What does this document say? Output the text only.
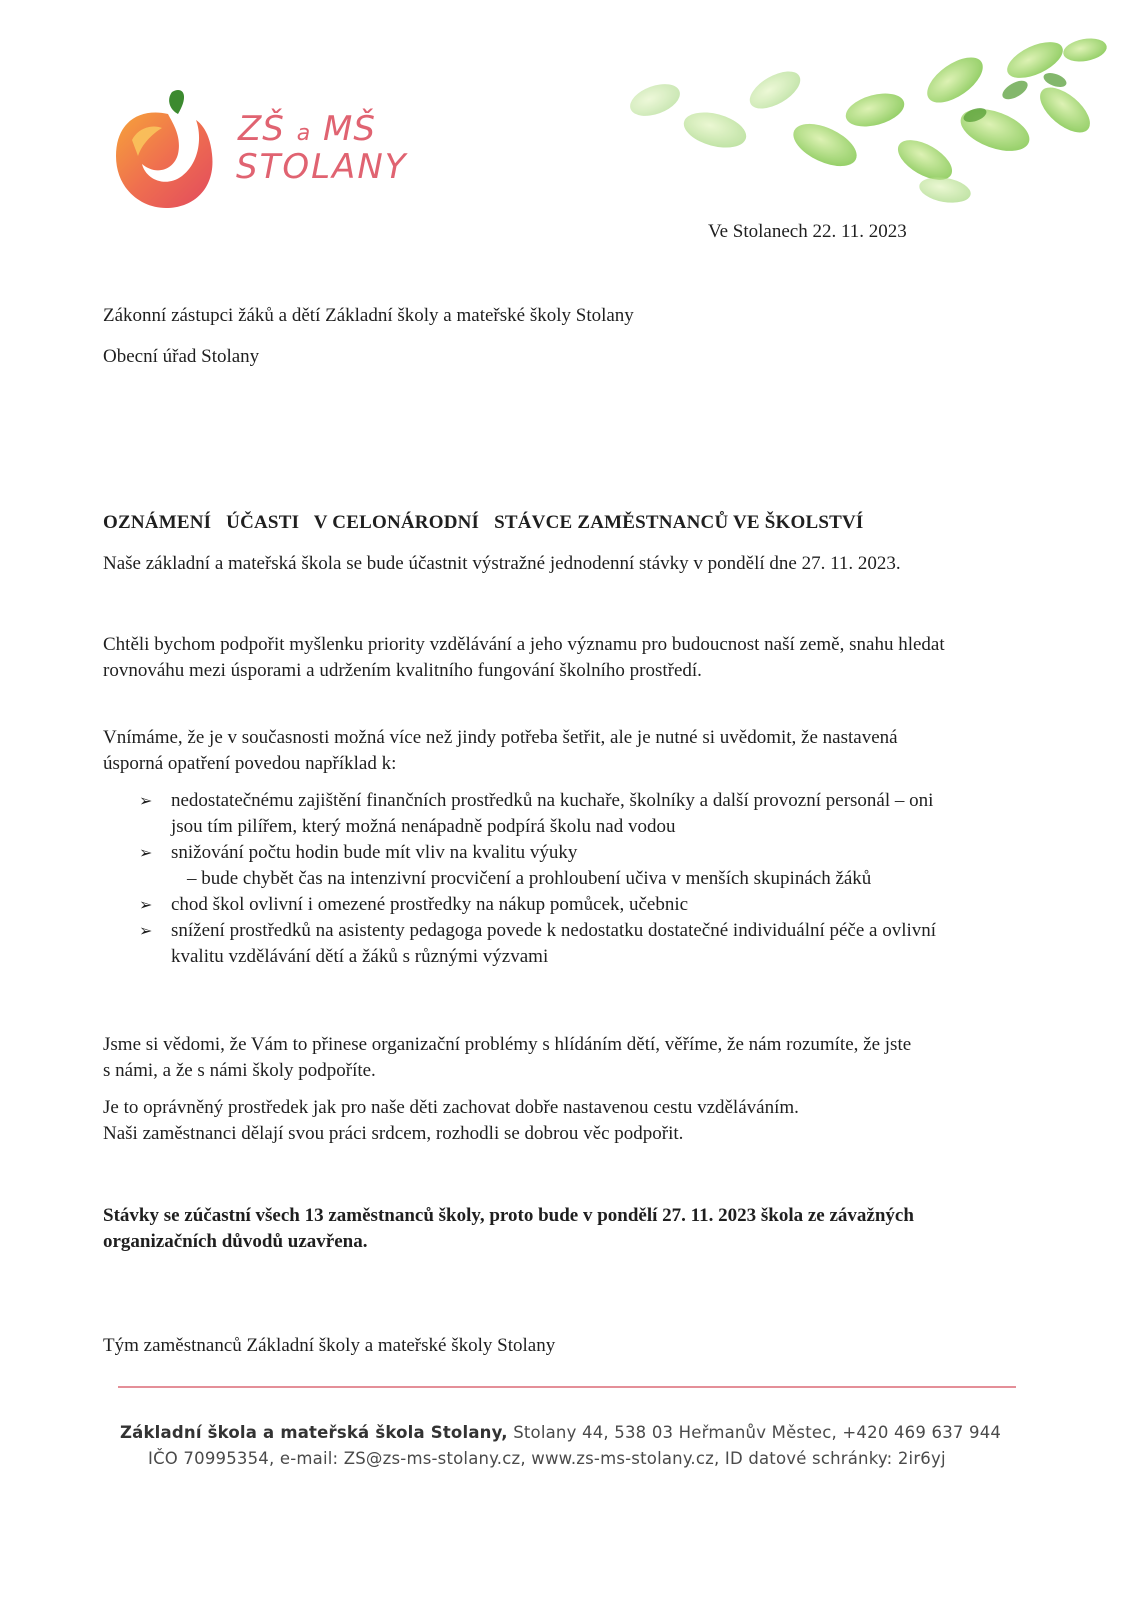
ZŠ a MŠ
STOLANY
Ve Stolanech 22. 11. 2023
Zákonní zástupci žáků a dětí Základní školy a mateřské školy Stolany
Obecní úřad Stolany
OZNÁMENÍ ÚČASTI V CELONÁRODNÍ STÁVCE ZAMĚSTNANCŮ VE ŠKOLSTVÍ
Naše základní a mateřská škola se bude účastnit výstražné jednodenní stávky v pondělí dne 27. 11. 2023.
Chtěli bychom podpořit myšlenku priority vzdělávání a jeho významu pro budoucnost naší země, snahu hledat
rovnováhu mezi úsporami a udržením kvalitního fungování školního prostředí.
Vnímáme, že je v současnosti možná více než jindy potřeba šetřit, ale je nutné si uvědomit, že nastavená
úsporná opatření povedou například k:
➢ nedostatečnému zajištění finančních prostředků na kuchaře, školníky a další provozní personál – oni
jsou tím pilířem, který možná nenápadně podpírá školu nad vodou
➢ snižování počtu hodin bude mít vliv na kvalitu výuky
– bude chybět čas na intenzivní procvičení a prohloubení učiva v menších skupinách žáků
➢ chod škol ovlivní i omezené prostředky na nákup pomůcek, učebnic
➢ snížení prostředků na asistenty pedagoga povede k nedostatku dostatečné individuální péče a ovlivní
kvalitu vzdělávání dětí a žáků s různými výzvami
Jsme si vědomi, že Vám to přinese organizační problémy s hlídáním dětí, věříme, že nám rozumíte, že jste
s námi, a že s námi školy podpoříte.
Je to oprávněný prostředek jak pro naše děti zachovat dobře nastavenou cestu vzděláváním.
Naši zaměstnanci dělají svou práci srdcem, rozhodli se dobrou věc podpořit.
Stávky se zúčastní všech 13 zaměstnanců školy, proto bude v pondělí 27. 11. 2023 škola ze závažných
organizačních důvodů uzavřena.
Tým zaměstnanců Základní školy a mateřské školy Stolany
Základní škola a mateřská škola Stolany, Stolany 44, 538 03 Heřmanův Městec, +420 469 637 944
IČO 70995354, e-mail: ZS@zs-ms-stolany.cz, www.zs-ms-stolany.cz, ID datové schránky: 2ir6yj
